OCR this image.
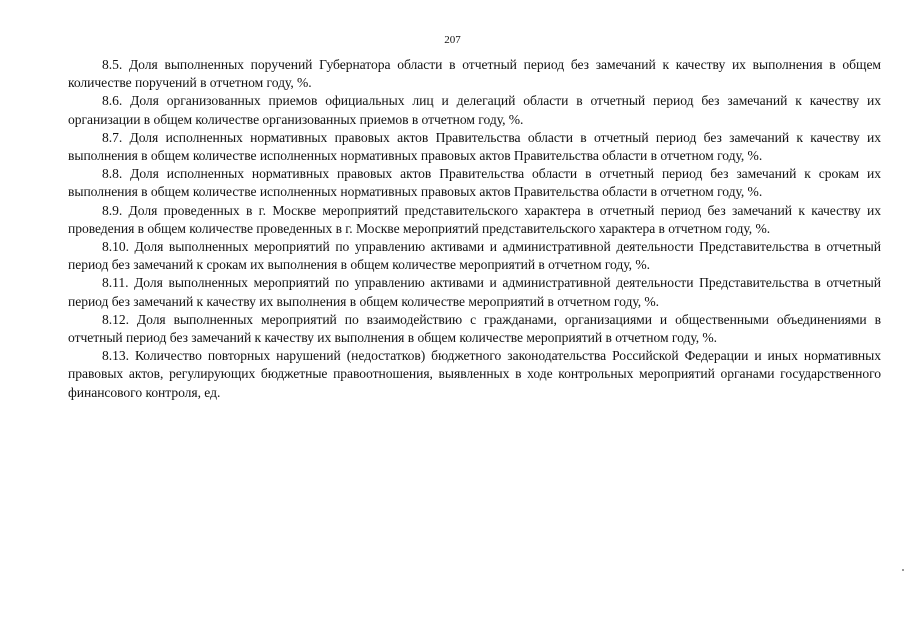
207

8.5. Доля выполненных поручений Губернатора области в отчетный период без замечаний к качеству их выполнения в общем количестве поручений в отчетном году, %.

8.6. Доля организованных приемов официальных лиц и делегаций области в отчетный период без замечаний к качеству их организации в общем количестве организованных приемов в отчетном году, %.

8.7. Доля исполненных нормативных правовых актов Правительства области в отчетный период без замечаний к качеству их выполнения в общем количестве исполненных нормативных правовых актов Правительства области в отчетном году, %.

8.8. Доля исполненных нормативных правовых актов Правительства области в отчетный период без замечаний к срокам их выполнения в общем количестве исполненных нормативных правовых актов Правительства области в отчетном году, %.

8.9. Доля проведенных в г. Москве мероприятий представительского характера в отчетный период без замечаний к качеству их проведения в общем количестве проведенных в г. Москве мероприятий представительского характера в отчетном году, %.

8.10. Доля выполненных мероприятий по управлению активами и административной деятельности Представительства в отчетный период без замечаний к срокам их выполнения в общем количестве мероприятий в отчетном году, %.

8.11. Доля выполненных мероприятий по управлению активами и административной деятельности Представительства в отчетный период без замечаний к качеству их выполнения в общем количестве мероприятий в отчетном году, %.

8.12. Доля выполненных мероприятий по взаимодействию с гражданами, организациями и общественными объединениями в отчетный период без замечаний к качеству их выполнения в общем количестве мероприятий в отчетном году, %.

8.13. Количество повторных нарушений (недостатков) бюджетного законодательства Российской Федерации и иных нормативных правовых актов, регулирующих бюджетные правоотношения, выявленных в ходе контрольных мероприятий органами государственного финансового контроля, ед.
